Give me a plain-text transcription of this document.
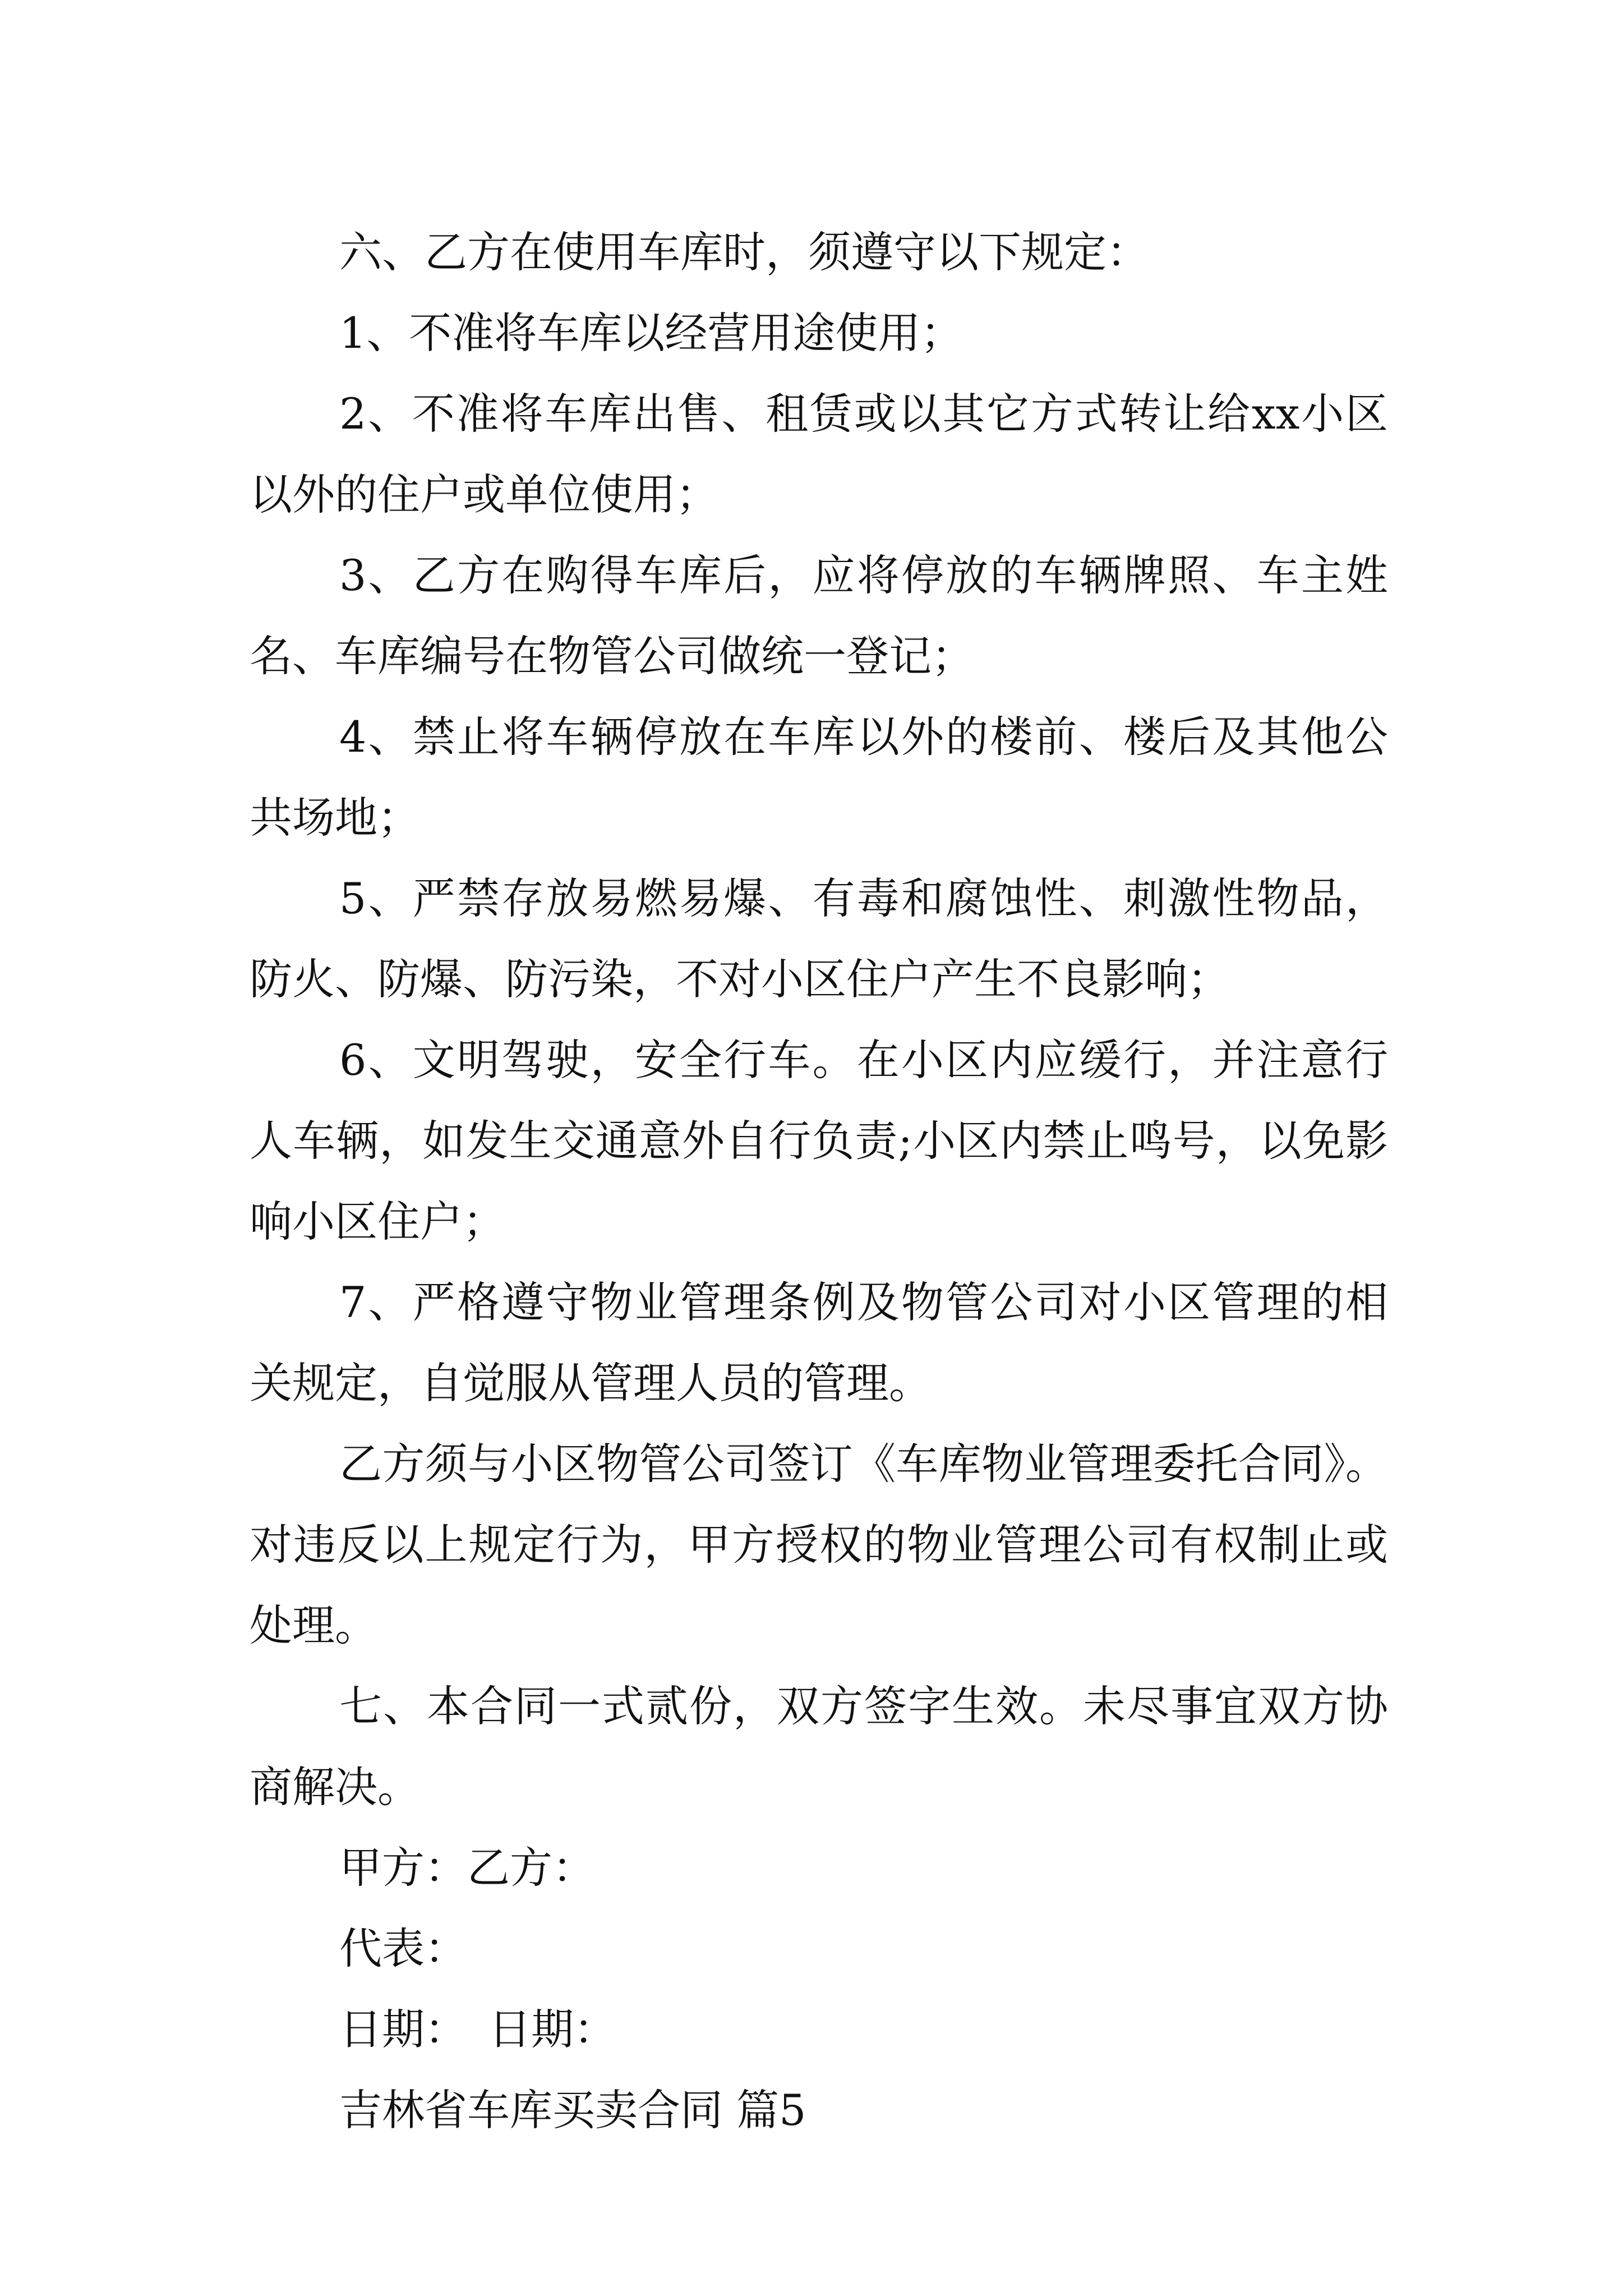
六、乙方在使用车库时，须遵守以下规定：

1、不准将车库以经营用途使用；

2、不准将车库出售、租赁或以其它方式转让给xx小区以外的住户或单位使用；

3、乙方在购得车库后，应将停放的车辆牌照、车主姓名、车库编号在物管公司做统一登记；

4、禁止将车辆停放在车库以外的楼前、楼后及其他公共场地；

5、严禁存放易燃易爆、有毒和腐蚀性、刺激性物品，防火、防爆、防污染，不对小区住户产生不良影响；

6、文明驾驶，安全行车。在小区内应缓行，并注意行人车辆，如发生交通意外自行负责;小区内禁止鸣号，以免影响小区住户；

7、严格遵守物业管理条例及物管公司对小区管理的相关规定，自觉服从管理人员的管理。

乙方须与小区物管公司签订《车库物业管理委托合同》。对违反以上规定行为，甲方授权的物业管理公司有权制止或处理。

七、本合同一式贰份，双方签字生效。未尽事宜双方协商解决。

甲方：乙方：

代表：

日期：　日期：

吉林省车库买卖合同 篇5
